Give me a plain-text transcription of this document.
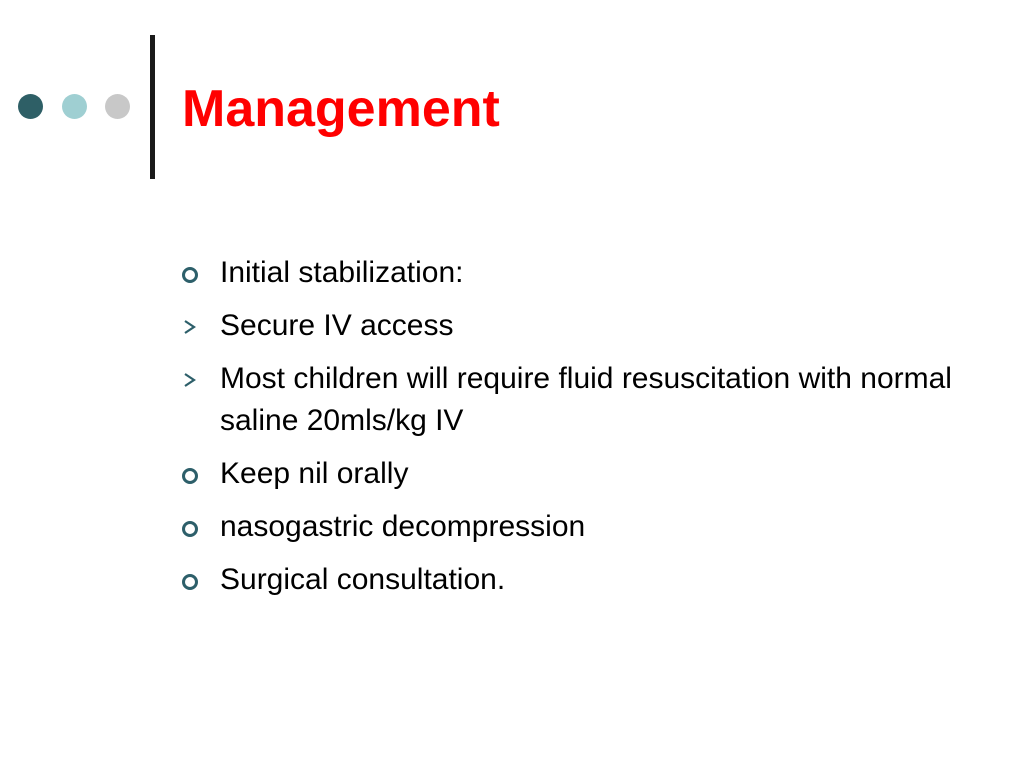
Management
Initial stabilization:
Secure IV access
Most children will require fluid resuscitation with normal saline 20mls/kg IV
Keep nil orally
nasogastric decompression
Surgical consultation.
